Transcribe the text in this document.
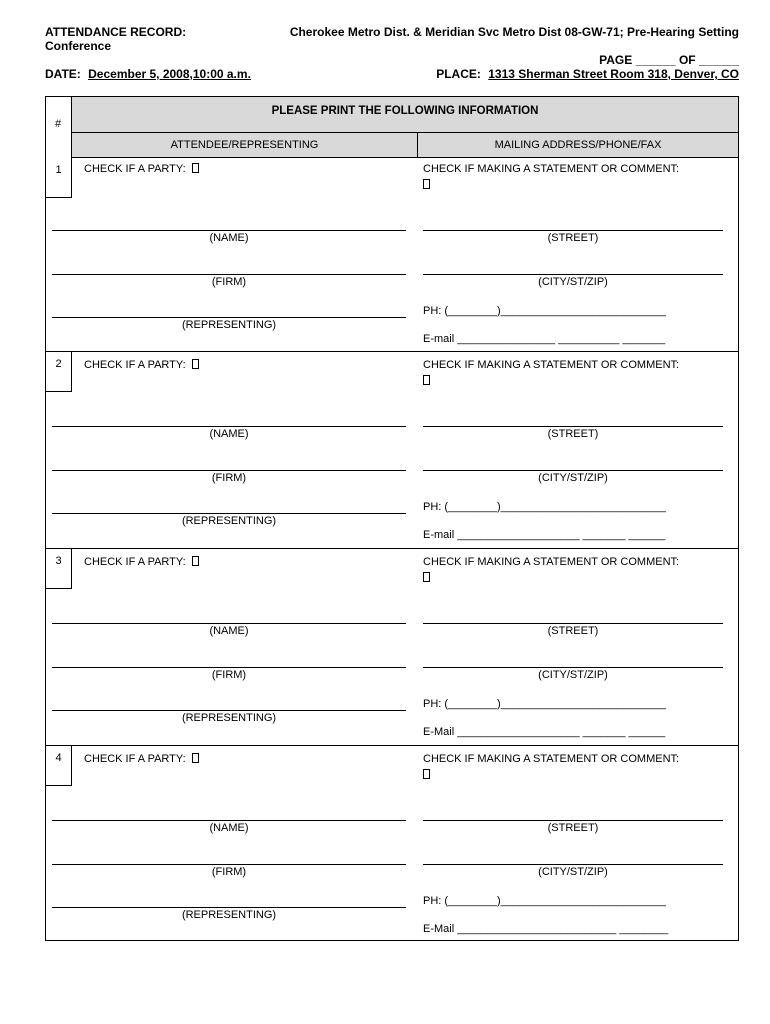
ATTENDANCE RECORD:
Conference
Cherokee Metro Dist. & Meridian Svc Metro Dist 08-GW-71; Pre-Hearing Setting
PAGE ______ OF ______
DATE: December 5, 2008,10:00 a.m.	PLACE: 1313 Sherman Street Room 318, Denver, CO
#
PLEASE PRINT THE FOLLOWING INFORMATION
ATTENDEE/REPRESENTING	MAILING ADDRESS/PHONE/FAX
1	CHECK IF A PARTY:	CHECK IF MAKING A STATEMENT OR COMMENT:
(NAME)
(FIRM)
(REPRESENTING)
(STREET)
(CITY/ST/ZIP)
PH: (________)___________________________
E-mail ________________ __________ _______
2	CHECK IF A PARTY:	CHECK IF MAKING A STATEMENT OR COMMENT:
(NAME)
(FIRM)
(REPRESENTING)
(STREET)
(CITY/ST/ZIP)
PH: (________)___________________________
E-mail ____________________ _______ ______
3	CHECK IF A PARTY:	CHECK IF MAKING A STATEMENT OR COMMENT:
(NAME)
(FIRM)
(REPRESENTING)
(STREET)
(CITY/ST/ZIP)
PH: (________)___________________________
E-Mail ____________________ _______ ______
4	CHECK IF A PARTY:	CHECK IF MAKING A STATEMENT OR COMMENT:
(NAME)
(FIRM)
(REPRESENTING)
(STREET)
(CITY/ST/ZIP)
PH: (________)___________________________
E-Mail __________________________ ________
